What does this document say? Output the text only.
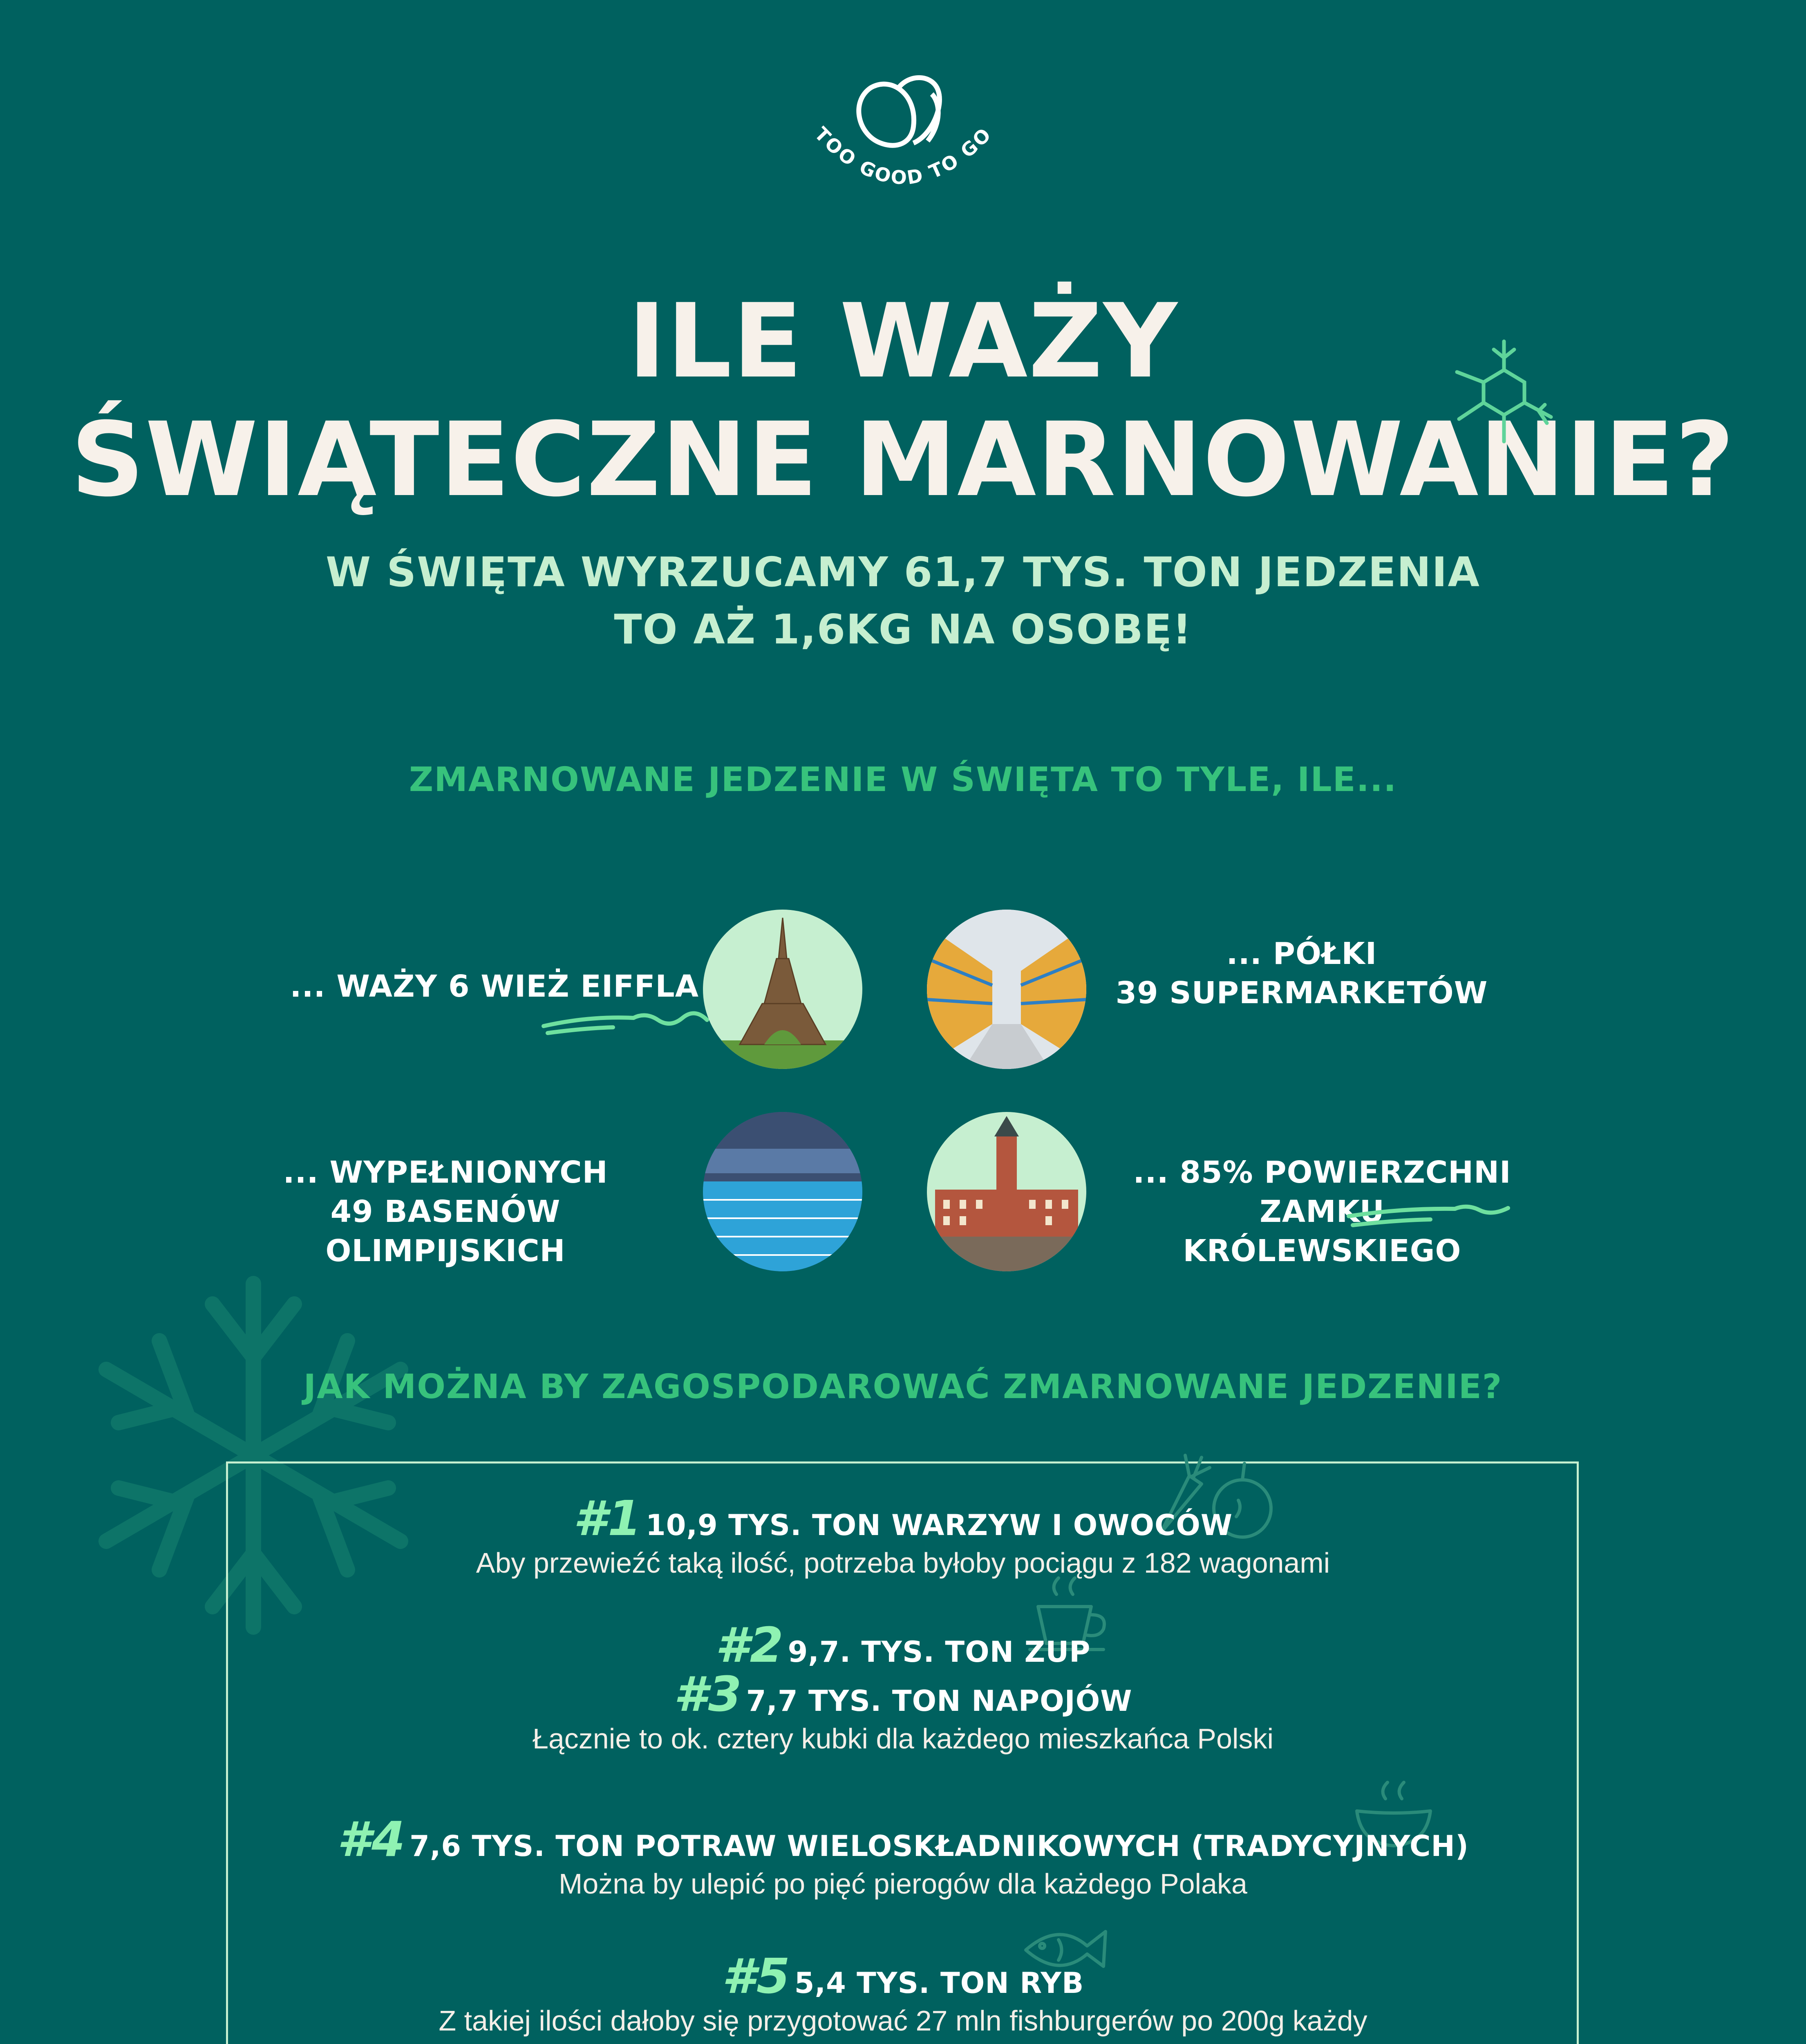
TOO GOOD TO GO
ILE WAŻY
ŚWIĄTECZNE MARNOWANIE?
W ŚWIĘTA WYRZUCAMY 61,7 TYS. TON JEDZENIA
TO AŻ 1,6KG NA OSOBĘ!
ZMARNOWANE JEDZENIE W ŚWIĘTA TO TYLE, ILE...
... WAŻY 6 WIEŻ EIFFLA
... PÓŁKI
39 SUPERMARKETÓW
... WYPEŁNIONYCH
49 BASENÓW OLIMPIJSKICH
... 85% POWIERZCHNI
ZAMKU KRÓLEWSKIEGO
JAK MOŻNA BY ZAGOSPODAROWAĆ ZMARNOWANE JEDZENIE?
#1 10,9 TYS. TON WARZYW I OWOCÓW
Aby przewieźć taką ilość, potrzeba byłoby pociągu z 182 wagonami
#2 9,7. TYS. TON ZUP
#3 7,7 TYS. TON NAPOJÓW
Łącznie to ok. cztery kubki dla każdego mieszkańca Polski
#4 7,6 TYS. TON POTRAW WIELOSKŁADNIKOWYCH (TRADYCYJNYCH)
Można by ulepić po pięć pierogów dla każdego Polaka
#5 5,4 TYS. TON RYB
Z takiej ilości dałoby się przygotować 27 mln fishburgerów po 200g każdy
